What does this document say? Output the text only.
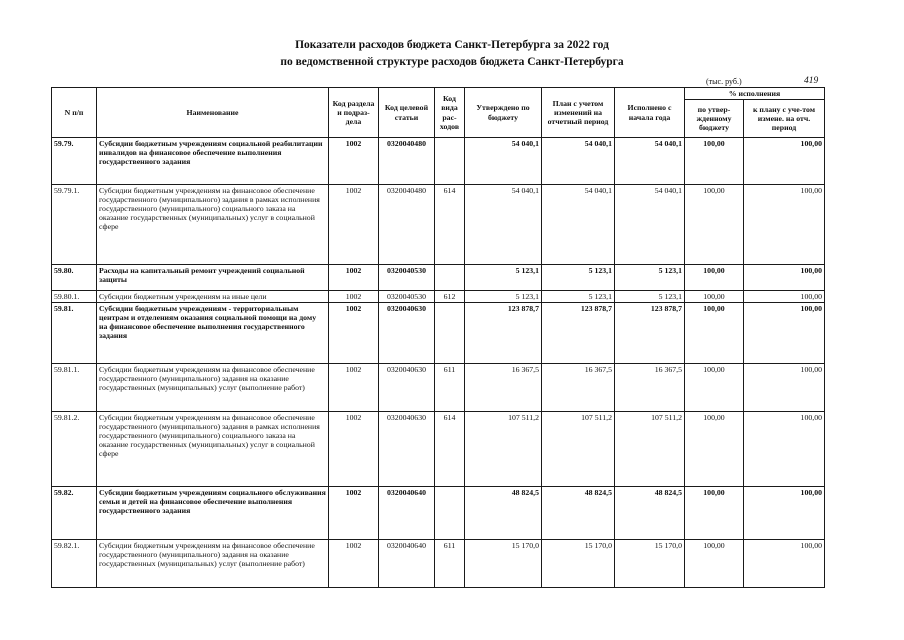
Показатели расходов бюджета Санкт-Петербурга за 2022 год
по ведомственной структуре расходов бюджета Санкт-Петербурга
(тыс. руб.)	419
N п/п	Наименование	Код раздела и подраз-дела	Код целевой статьи	Код вида рас-ходов	Утверждено по бюджету	План с учетом изменений на отчетный период	Исполнено с начала года	% исполнения	
								по утвер-жденному бюджету	к плану с уче-том измене. на отч. период
59.79.	Субсидии бюджетным учреждениям социальной реабилитации инвалидов на финансовое обеспечение выполнения государственного задания	1002	0320040480		54 040,1	54 040,1	54 040,1	100,00	100,00
59.79.1.	Субсидии бюджетным учреждениям на финансовое обеспечение государственного (муниципального) задания в рамках исполнения государственного (муниципального) социального заказа на оказание государственных (муниципальных) услуг в социальной сфере	1002	0320040480	614	54 040,1	54 040,1	54 040,1	100,00	100,00
59.80.	Расходы на капитальный ремонт учреждений социальной защиты	1002	0320040530		5 123,1	5 123,1	5 123,1	100,00	100,00
59.80.1.	Субсидии бюджетным учреждениям на иные цели	1002	0320040530	612	5 123,1	5 123,1	5 123,1	100,00	100,00
59.81.	Субсидии бюджетным учреждениям - территориальным центрам и отделениям оказания социальной помощи на дому на финансовое обеспечение выполнения государственного задания	1002	0320040630		123 878,7	123 878,7	123 878,7	100,00	100,00
59.81.1.	Субсидии бюджетным учреждениям на финансовое обеспечение государственного (муниципального) задания на оказание государственных (муниципальных) услуг (выполнение работ)	1002	0320040630	611	16 367,5	16 367,5	16 367,5	100,00	100,00
59.81.2.	Субсидии бюджетным учреждениям на финансовое обеспечение государственного (муниципального) задания в рамках исполнения государственного (муниципального) социального заказа на оказание государственных (муниципальных) услуг в социальной сфере	1002	0320040630	614	107 511,2	107 511,2	107 511,2	100,00	100,00
59.82.	Субсидии бюджетным учреждениям социального обслуживания семьи и детей на финансовое обеспечение выполнения государственного задания	1002	0320040640		48 824,5	48 824,5	48 824,5	100,00	100,00
59.82.1.	Субсидии бюджетным учреждениям на финансовое обеспечение государственного (муниципального) задания на оказание государственных (муниципальных) услуг (выполнение работ)	1002	0320040640	611	15 170,0	15 170,0	15 170,0	100,00	100,00
